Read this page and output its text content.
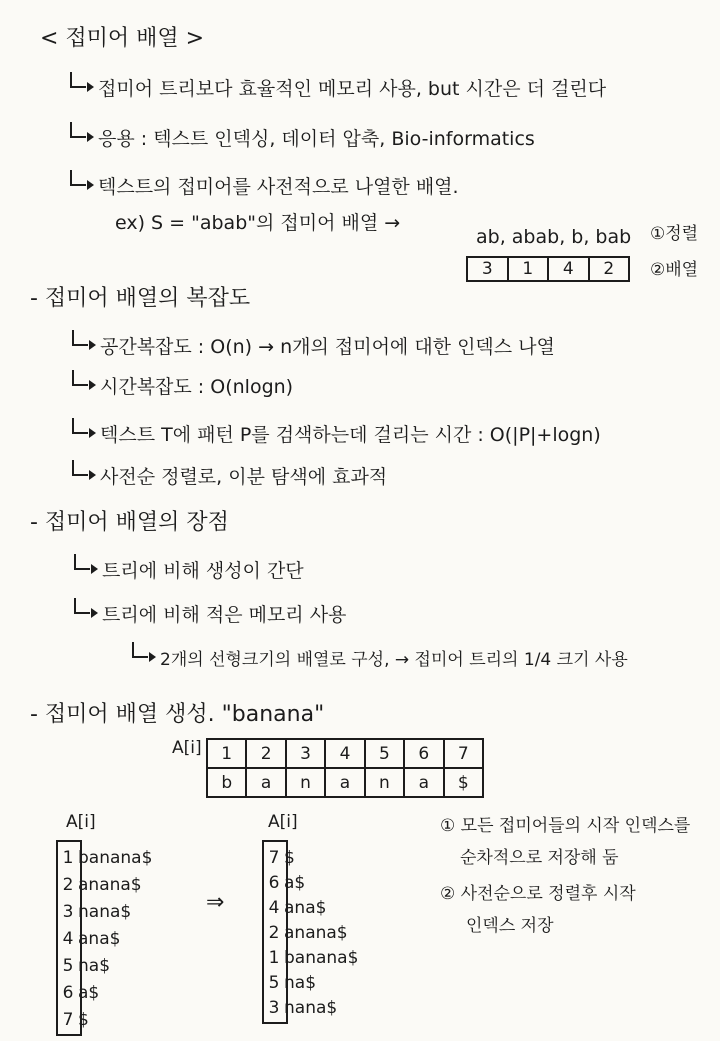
< 접미어 배열 >
접미어 트리보다 효율적인 메모리 사용, but 시간은 더 걸린다
응용 : 텍스트 인덱싱, 데이터 압축, Bio-informatics
텍스트의 접미어를 사전적으로 나열한 배열.
ex) S = "abab"의 접미어 배열 →
ab, abab, b, bab ①정렬
3	1	4	2 ②배열
- 접미어 배열의 복잡도
공간복잡도 : O(n) → n개의 접미어에 대한 인덱스 나열
시간복잡도 : O(nlogn)
텍스트 T에 패턴 P를 검색하는데 걸리는 시간 : O(|P|+logn)
사전순 정렬로, 이분 탐색에 효과적
- 접미어 배열의 장점
트리에 비해 생성이 간단
트리에 비해 적은 메모리 사용
2개의 선형크기의 배열로 구성, → 접미어 트리의 1/4 크기 사용
- 접미어 배열 생성. "banana"
A[i] 1	2	3	4	5	6	7
b	a	n	a	n	a	$
A[i]
1 banana$
2 anana$
3 nana$
4 ana$
5 na$
6 a$
7 $
⇒
A[i]
7 $
6 a$
4 ana$
2 anana$
1 banana$
5 na$
3 nana$
① 모든 접미어들의 시작 인덱스를
순차적으로 저장해 둠
② 사전순으로 정렬후 시작
인덱스 저장
